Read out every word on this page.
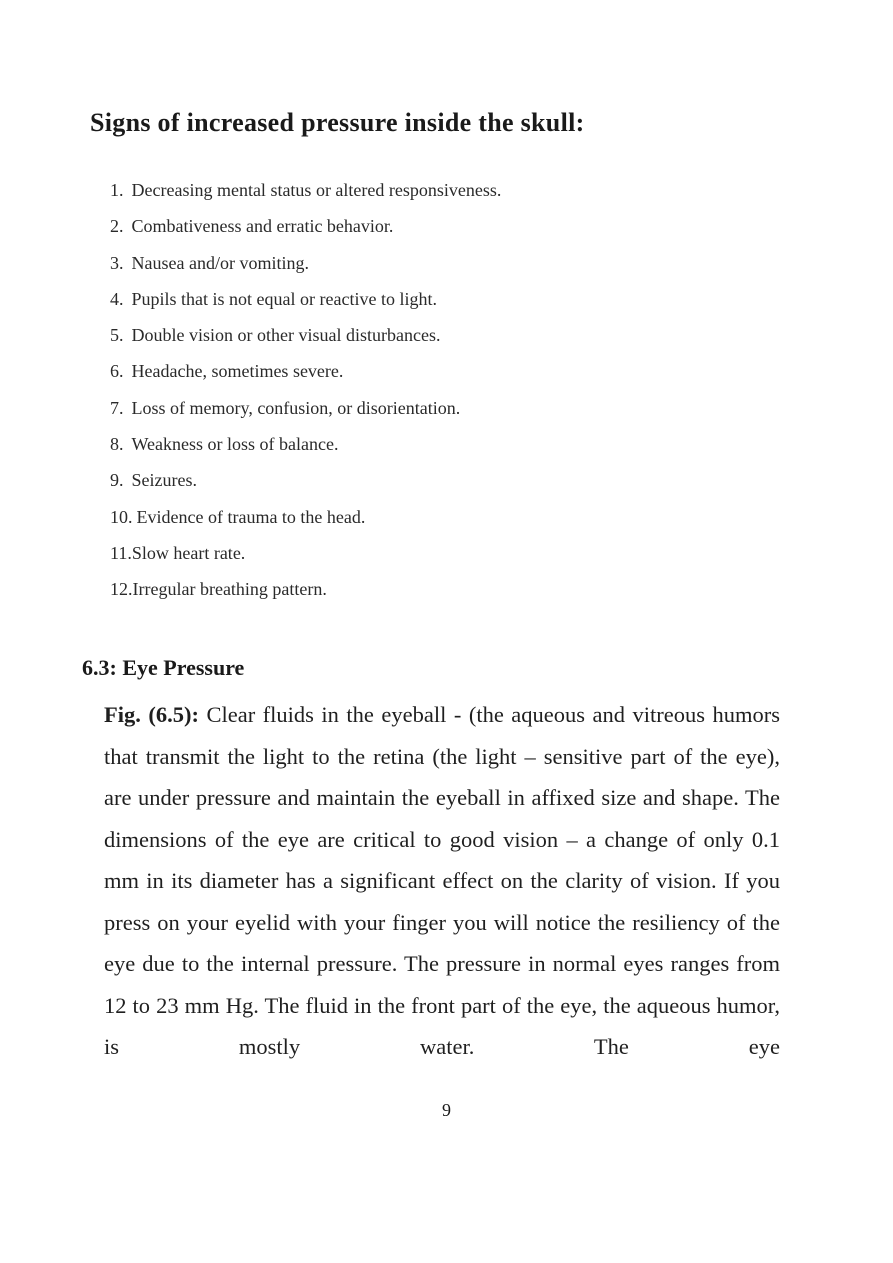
Signs of increased pressure inside the skull:
1. Decreasing mental status or altered responsiveness.
2. Combativeness and erratic behavior.
3. Nausea and/or vomiting.
4. Pupils that is not equal or reactive to light.
5. Double vision or other visual disturbances.
6. Headache, sometimes severe.
7. Loss of memory, confusion, or disorientation.
8. Weakness or loss of balance.
9. Seizures.
10. Evidence of trauma to the head.
11.Slow heart rate.
12.Irregular breathing pattern.
6.3: Eye Pressure

Fig. (6.5): Clear fluids in the eyeball - (the aqueous and vitreous humors that transmit the light to the retina (the light – sensitive part of the eye), are under pressure and maintain the eyeball in affixed size and shape. The dimensions of the eye are critical to good vision – a change of only 0.1 mm in its diameter has a significant effect on the clarity of vision. If you press on your eyelid with your finger you will notice the resiliency of the eye due to the internal pressure. The pressure in normal eyes ranges from 12 to 23 mm Hg. The fluid in the front part of the eye, the aqueous humor, is mostly water. The eye

9
